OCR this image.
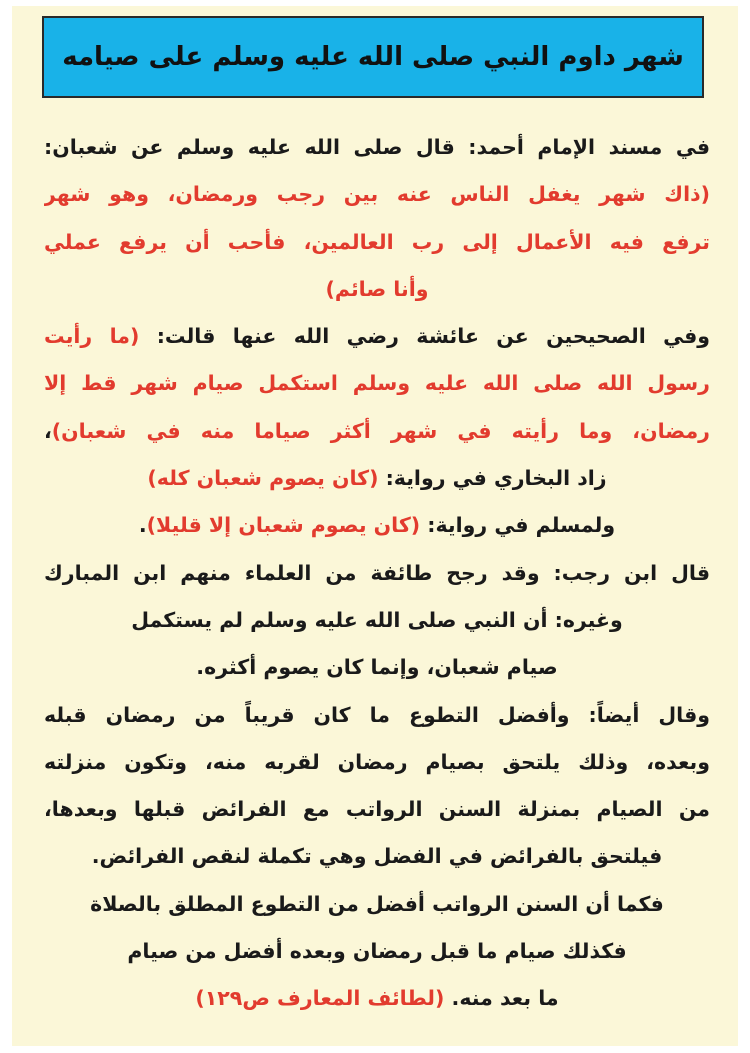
شهر داوم النبي صلى الله عليه وسلم على صيامه
في مسند الإمام أحمد: قال صلى الله عليه وسلم عن شعبان:
(ذاك شهر يغفل الناس عنه بين رجب ورمضان، وهو شهر
ترفع فيه الأعمال إلى رب العالمين، فأحب أن يرفع عملي
وأنا صائم)
وفي الصحيحين عن عائشة رضي الله عنها قالت: (ما رأيت
رسول الله صلى الله عليه وسلم استكمل صيام شهر قط إلا
رمضان، وما رأيته في شهر أكثر صياما منه في شعبان)،
زاد البخاري في رواية: (كان يصوم شعبان كله)
ولمسلم في رواية: (كان يصوم شعبان إلا قليلا).
قال ابن رجب: وقد رجح طائفة من العلماء منهم ابن المبارك
وغيره: أن النبي صلى الله عليه وسلم لم يستكمل
صيام شعبان، وإنما كان يصوم أكثره.
وقال أيضاً: وأفضل التطوع ما كان قريباً من رمضان قبله
وبعده، وذلك يلتحق بصيام رمضان لقربه منه، وتكون منزلته
من الصيام بمنزلة السنن الرواتب مع الفرائض قبلها وبعدها،
فيلتحق بالفرائض في الفضل وهي تكملة لنقص الفرائض.
فكما أن السنن الرواتب أفضل من التطوع المطلق بالصلاة
فكذلك صيام ما قبل رمضان وبعده أفضل من صيام
ما بعد منه. (لطائف المعارف ص١٢٩)
